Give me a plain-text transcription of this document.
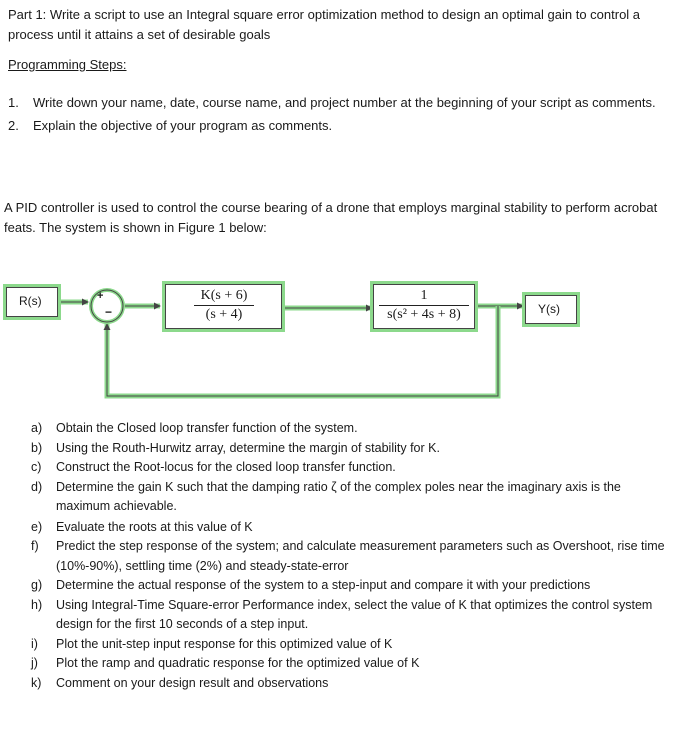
Part 1: Write a script to use an Integral square error optimization method to design an optimal gain to control a process until it attains a set of desirable goals
Programming Steps:
1. Write down your name, date, course name, and project number at the beginning of your script as comments.
2. Explain the objective of your program as comments.
A PID controller is used to control the course bearing of a drone that employs marginal stability to perform acrobat feats. The system is shown in Figure 1 below:
+
−
R(s)	K(s + 6)
(s + 4)
1
s(s² + 4s + 8)	Y(s)
a) Obtain the Closed loop transfer function of the system.
b) Using the Routh-Hurwitz array, determine the margin of stability for K.
c) Construct the Root-locus for the closed loop transfer function.
d) Determine the gain K such that the damping ratio ζ of the complex poles near the imaginary axis is the maximum achievable.
e) Evaluate the roots at this value of K
f) Predict the step response of the system; and calculate measurement parameters such as Overshoot, rise time (10%-90%), settling time (2%) and steady-state-error
g) Determine the actual response of the system to a step-input and compare it with your predictions
h) Using Integral-Time Square-error Performance index, select the value of K that optimizes the control system design for the first 10 seconds of a step input.
i) Plot the unit-step input response for this optimized value of K
j) Plot the ramp and quadratic response for the optimized value of K
k) Comment on your design result and observations
